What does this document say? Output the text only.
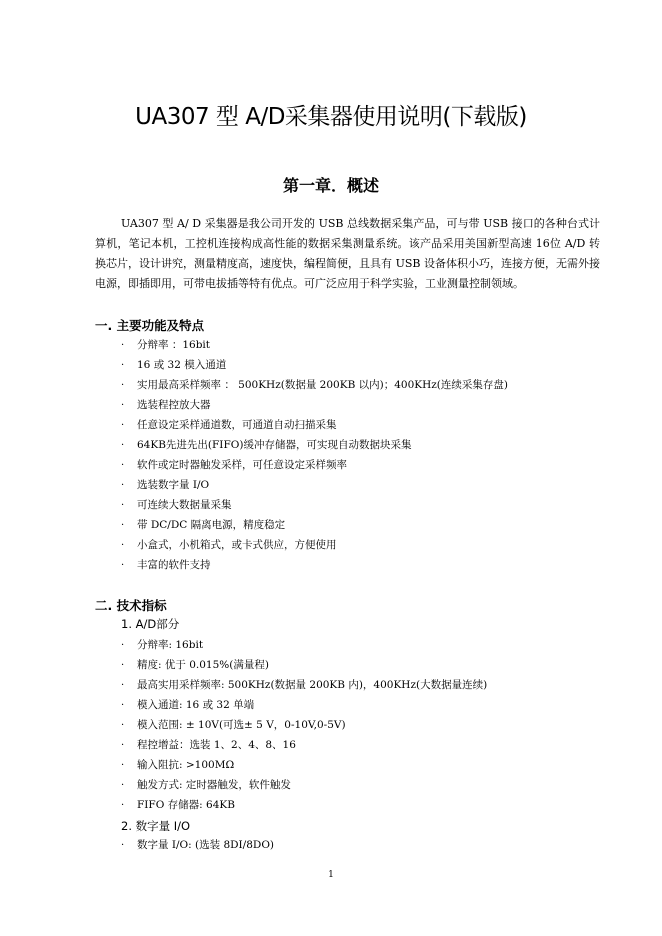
UA307 型 A/D采集器使用说明(下载版)
第一章．概述

UA307 型 A/ D 采集器是我公司开发的 USB 总线数据采集产品，可与带 USB 接口的各种台式计算机，笔记本机，工控机连接构成高性能的数据采集测量系统。该产品采用美国新型高速 16位 A/D 转换芯片，设计讲究，测量精度高，速度快，编程简便，且具有 USB 设备体积小巧，连接方便，无需外接电源，即插即用，可带电拔插等特有优点。可广泛应用于科学实验，工业测量控制领域。

一. 主要功能及特点
· 分辩率 ：16bit
· 16 或 32 模入通道
· 实用最高采样频率 ： 500KHz(数据量 200KB 以内)；400KHz(连续采集存盘)
· 选装程控放大器
· 任意设定采样通道数，可通道自动扫描采集
· 64KB先进先出(FIFO)缓冲存储器，可实现自动数据块采集
· 软件或定时器触发采样，可任意设定采样频率
· 选装数字量 I/O
· 可连续大数据量采集
· 带 DC/DC 隔离电源，精度稳定
· 小盒式，小机箱式，或卡式供应，方便使用
· 丰富的软件支持
二. 技术指标
1. A/D部分
· 分辩率: 16bit
· 精度: 优于 0.015%(满量程)
· 最高实用采样频率: 500KHz(数据量 200KB 内)，400KHz(大数据量连续)
· 模入通道: 16 或 32 单端
· 模入范围: ± 10V(可选± 5 V，0-10V,0-5V)
· 程控增益：选装 1、2、4、8、16
· 输入阻抗: >100MΩ
· 触发方式: 定时器触发，软件触发
· FIFO 存储器: 64KB
2. 数字量 I/O
· 数字量 I/O: (选装 8DI/8DO)
1
